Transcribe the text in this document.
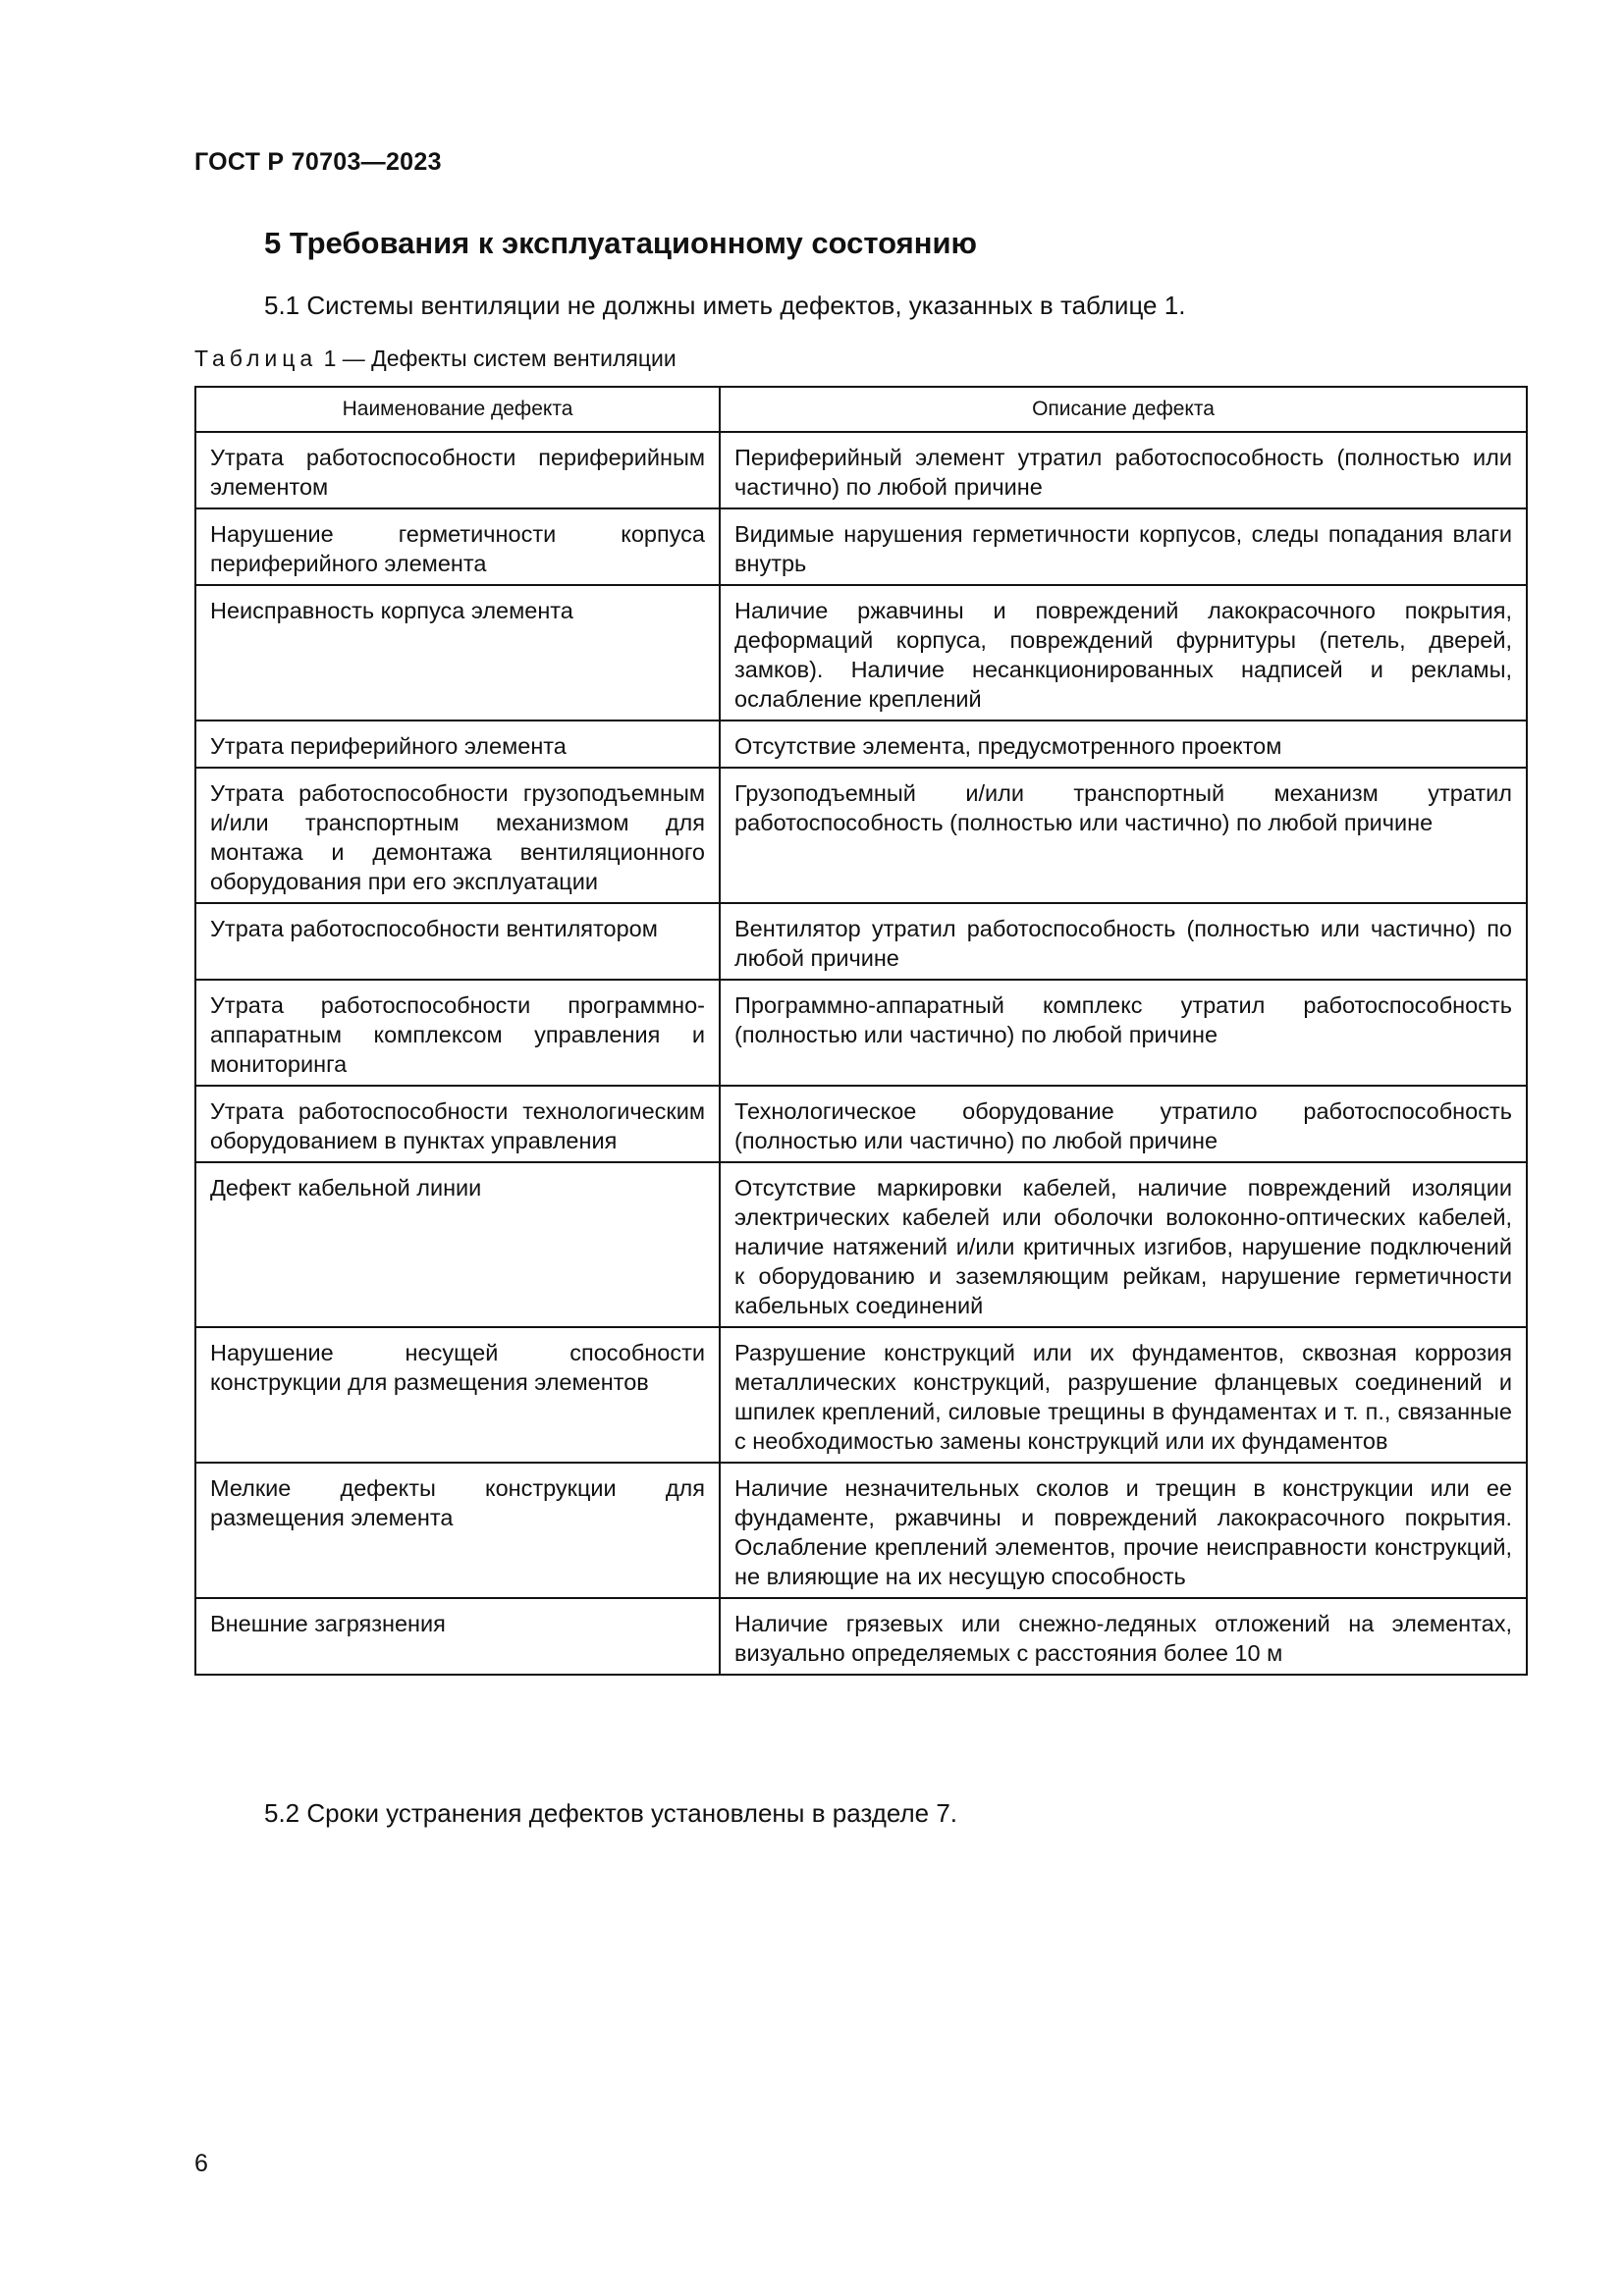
ГОСТ Р 70703—2023
5 Требования к эксплуатационному состоянию
5.1 Системы вентиляции не должны иметь дефектов, указанных в таблице 1.
Таблица 1 — Дефекты систем вентиляции
Наименование дефекта	Описание дефекта
Утрата работоспособности периферийным элементом	Периферийный элемент утратил работоспособность (полностью или частично) по любой причине
Нарушение герметичности корпуса периферийного элемента	Видимые нарушения герметичности корпусов, следы попадания влаги внутрь
Неисправность корпуса элемента	Наличие ржавчины и повреждений лакокрасочного покрытия, деформаций корпуса, повреждений фурнитуры (петель, дверей, замков). Наличие несанкционированных надписей и рекламы, ослабление креплений
Утрата периферийного элемента	Отсутствие элемента, предусмотренного проектом
Утрата работоспособности грузоподъемным и/или транспортным механизмом для монтажа и демонтажа вентиляционного оборудования при его эксплуатации	Грузоподъемный и/или транспортный механизм утратил работоспособность (полностью или частично) по любой причине
Утрата работоспособности вентилятором	Вентилятор утратил работоспособность (полностью или частично) по любой причине
Утрата работоспособности программно-аппаратным комплексом управления и мониторинга	Программно-аппаратный комплекс утратил работоспособность (полностью или частично) по любой причине
Утрата работоспособности технологическим оборудованием в пунктах управления	Технологическое оборудование утратило работоспособность (полностью или частично) по любой причине
Дефект кабельной линии	Отсутствие маркировки кабелей, наличие повреждений изоляции электрических кабелей или оболочки волоконно-оптических кабелей, наличие натяжений и/или критичных изгибов, нарушение подключений к оборудованию и заземляющим рейкам, нарушение герметичности кабельных соединений
Нарушение несущей способности конструкции для размещения элементов	Разрушение конструкций или их фундаментов, сквозная коррозия металлических конструкций, разрушение фланцевых соединений и шпилек креплений, силовые трещины в фундаментах и т. п., связанные с необходимостью замены конструкций или их фундаментов
Мелкие дефекты конструкции для размещения элемента	Наличие незначительных сколов и трещин в конструкции или ее фундаменте, ржавчины и повреждений лакокрасочного покрытия. Ослабление креплений элементов, прочие неисправности конструкций, не влияющие на их несущую способность
Внешние загрязнения	Наличие грязевых или снежно-ледяных отложений на элементах, визуально определяемых с расстояния более 10 м
5.2 Сроки устранения дефектов установлены в разделе 7.
6
